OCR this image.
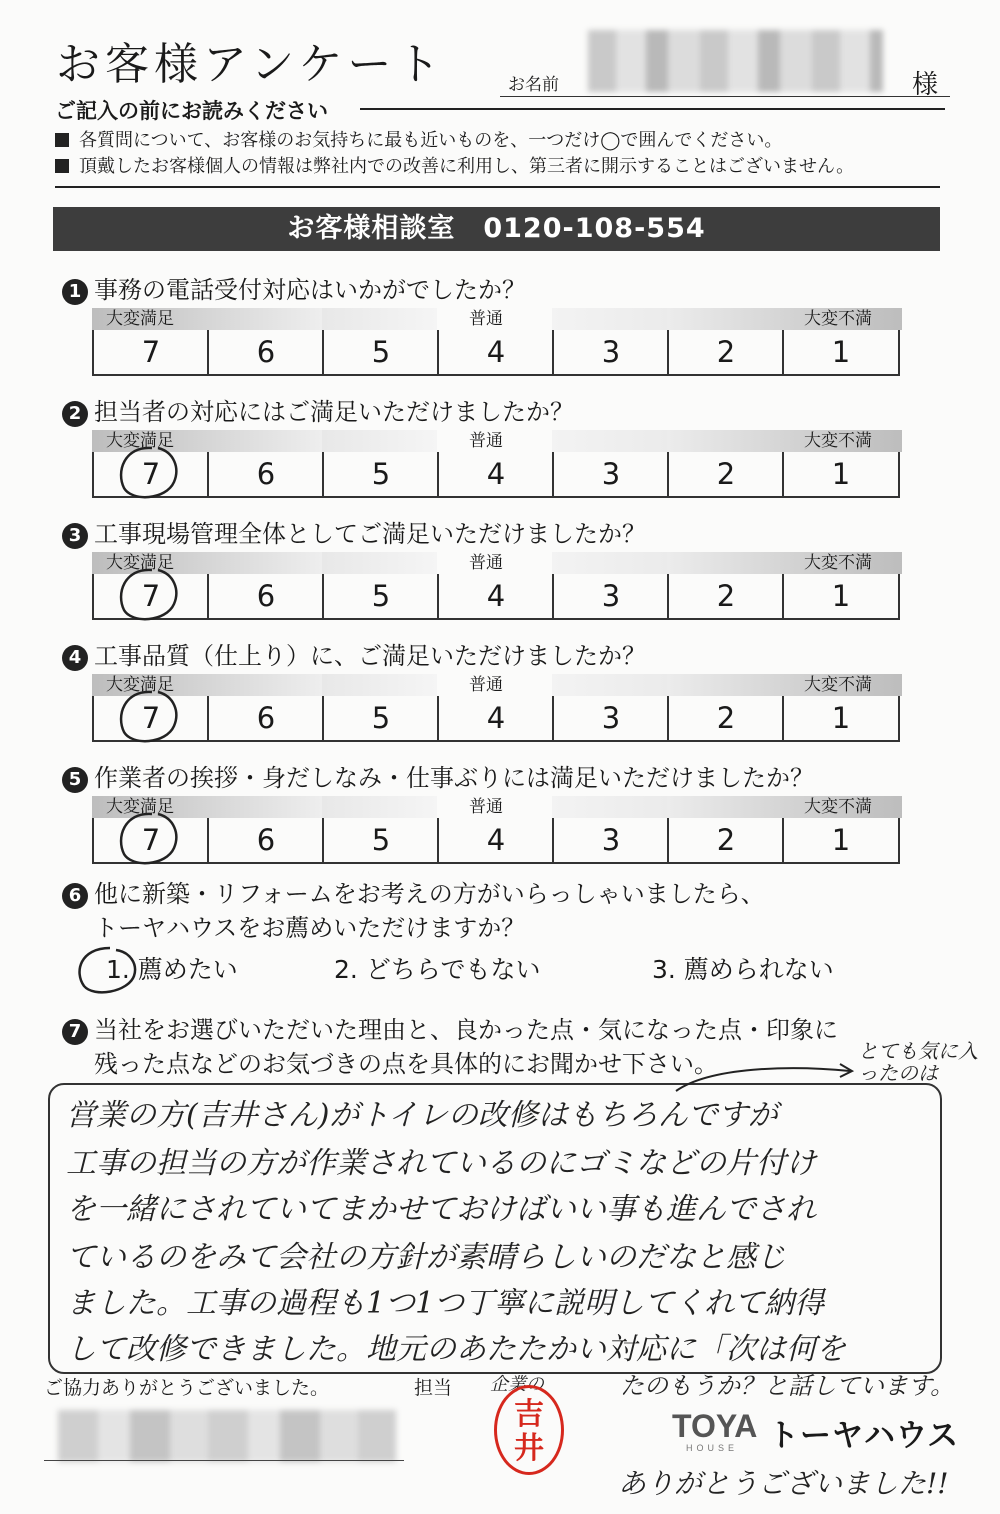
お客様アンケート	お名前	様
ご記入の前にお読みください
各質問について、お客様のお気持ちに最も近いものを、一つだけ◯で囲んでください。
頂戴したお客様個人の情報は弊社内での改善に利用し、第三者に開示することはございません。
お客様相談室　0120-108-554
1 事務の電話受付対応はいかがでしたか？
大変満足	普通	大変不満
7	6	5	4	3	2	1
2 担当者の対応にはご満足いただけましたか？
大変満足	普通	大変不満
7	6	5	4	3	2	1
3 工事現場管理全体としてご満足いただけましたか？
大変満足	普通	大変不満
7	6	5	4	3	2	1
4 工事品質（仕上り）に、ご満足いただけましたか？
大変満足	普通	大変不満
7	6	5	4	3	2	1
5 作業者の挨拶・身だしなみ・仕事ぶりには満足いただけましたか？
大変満足	普通	大変不満
7	6	5	4	3	2	1
6 他に新築・リフォームをお考えの方がいらっしゃいましたら、
トーヤハウスをお薦めいただけますか？
1. 薦めたい	2. どちらでもない	3. 薦められない
7 当社をお選びいただいた理由と、良かった点・気になった点・印象に
残った点などのお気づきの点を具体的にお聞かせ下さい。	とても気に入ったのは
営業の方(吉井さん)がトイレの改修はもちろんですが
工事の担当の方が作業されているのにゴミなどの片付け
を一緒にされていてまかせておけばいい事も進んでされ
ているのをみて会社の方針が素晴らしいのだなと感じ
ました。工事の過程も1つ1つ丁寧に説明してくれて納得
して改修できました。地元のあたたかい対応に「次は何を
たのもうか？と話しています。
企業の
ご協力ありがとうございました。	担当
吉井
TOYA
HOUSE トーヤハウス
ありがとうございました!!
